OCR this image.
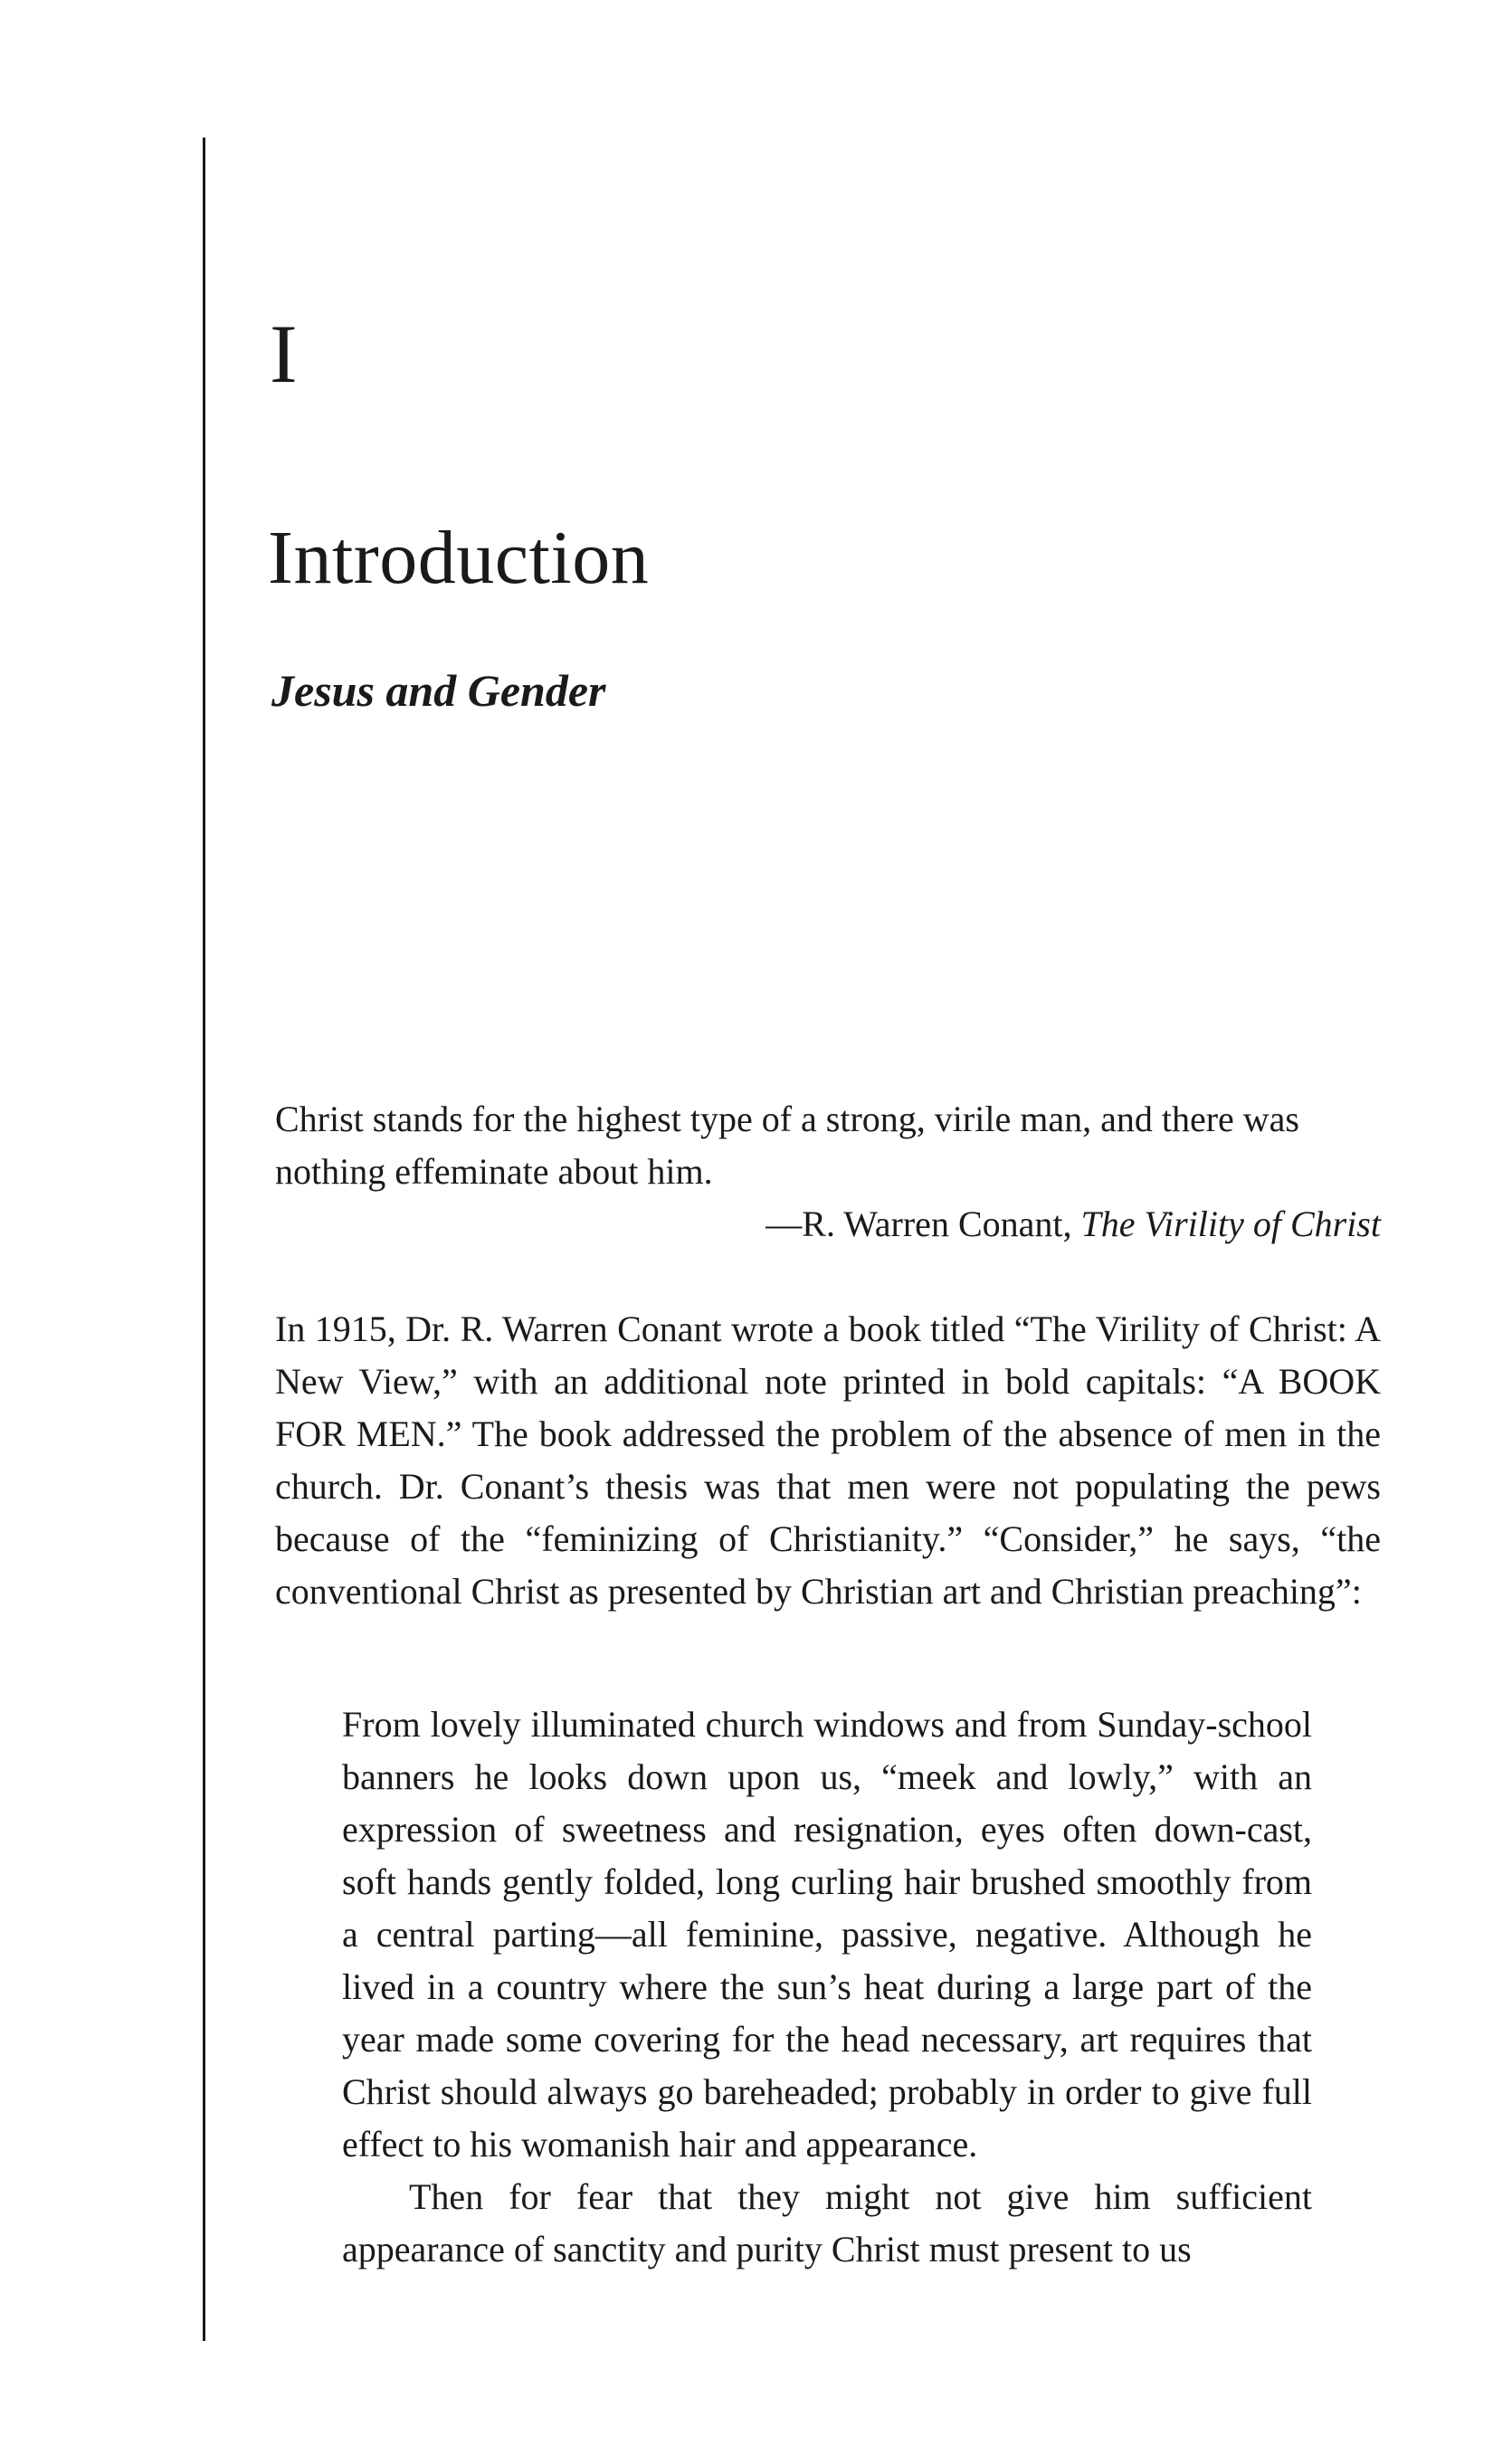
I
Introduction
Jesus and Gender

Christ stands for the highest type of a strong, virile man, and there was nothing effeminate about him.

—R. Warren Conant, The Virility of Christ

In 1915, Dr. R. Warren Conant wrote a book titled “The Virility of Christ: A New View,” with an additional note printed in bold capitals: “A BOOK FOR MEN.” The book addressed the problem of the absence of men in the church. Dr. Conant’s thesis was that men were not populating the pews because of the “feminizing of Christianity.” “Consider,” he says, “the conventional Christ as presented by Christian art and Christian preaching”:

From lovely illuminated church windows and from Sunday-school banners he looks down upon us, “meek and lowly,” with an expression of sweetness and resignation, eyes often down-cast, soft hands gently folded, long curling hair brushed smoothly from a central parting—all feminine, passive, negative. Although he lived in a country where the sun’s heat during a large part of the year made some covering for the head necessary, art requires that Christ should always go bareheaded; probably in order to give full effect to his womanish hair and appearance.

Then for fear that they might not give him sufficient appearance of sanctity and purity Christ must present to us
